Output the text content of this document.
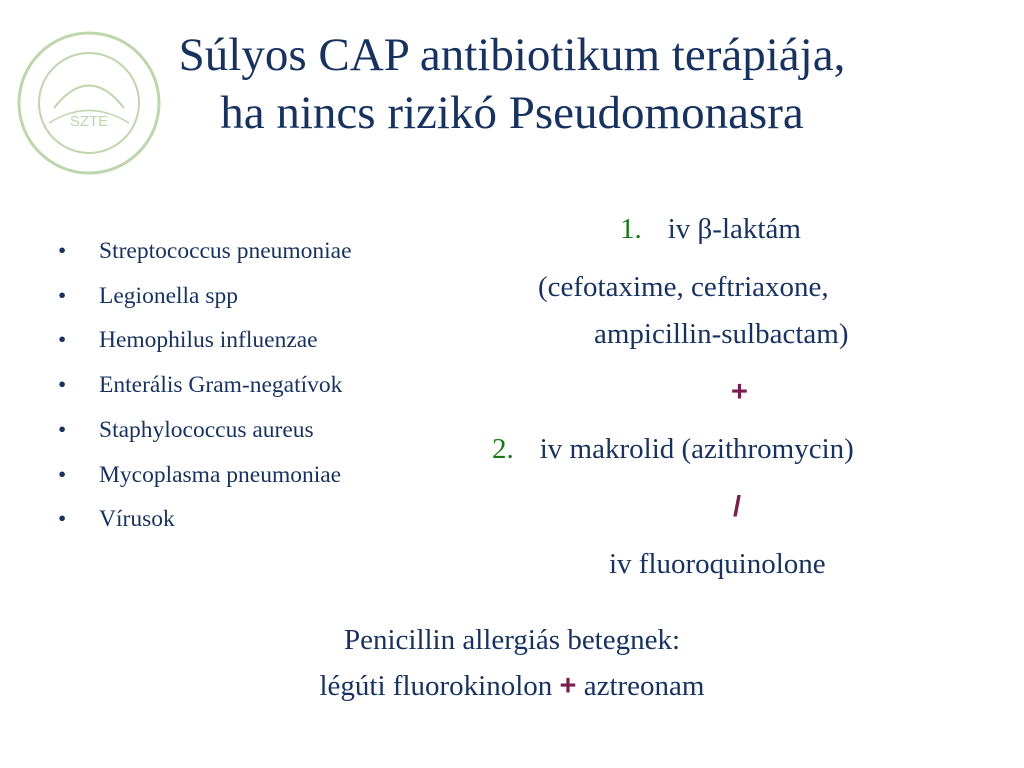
SZTE
Súlyos CAP antibiotikum terápiája,
ha nincs rizikó Pseudomonasra
• Streptococcus pneumoniae
• Legionella spp
• Hemophilus influenzae
• Enterális Gram-negatívok
• Staphylococcus aureus
• Mycoplasma pneumoniae
• Vírusok
1. iv β-laktám
(cefotaxime, ceftriaxone,
ampicillin-sulbactam)
+
2. iv makrolid (azithromycin)
/
iv fluoroquinolone
Penicillin allergiás betegnek:
légúti fluorokinolon + aztreonam
